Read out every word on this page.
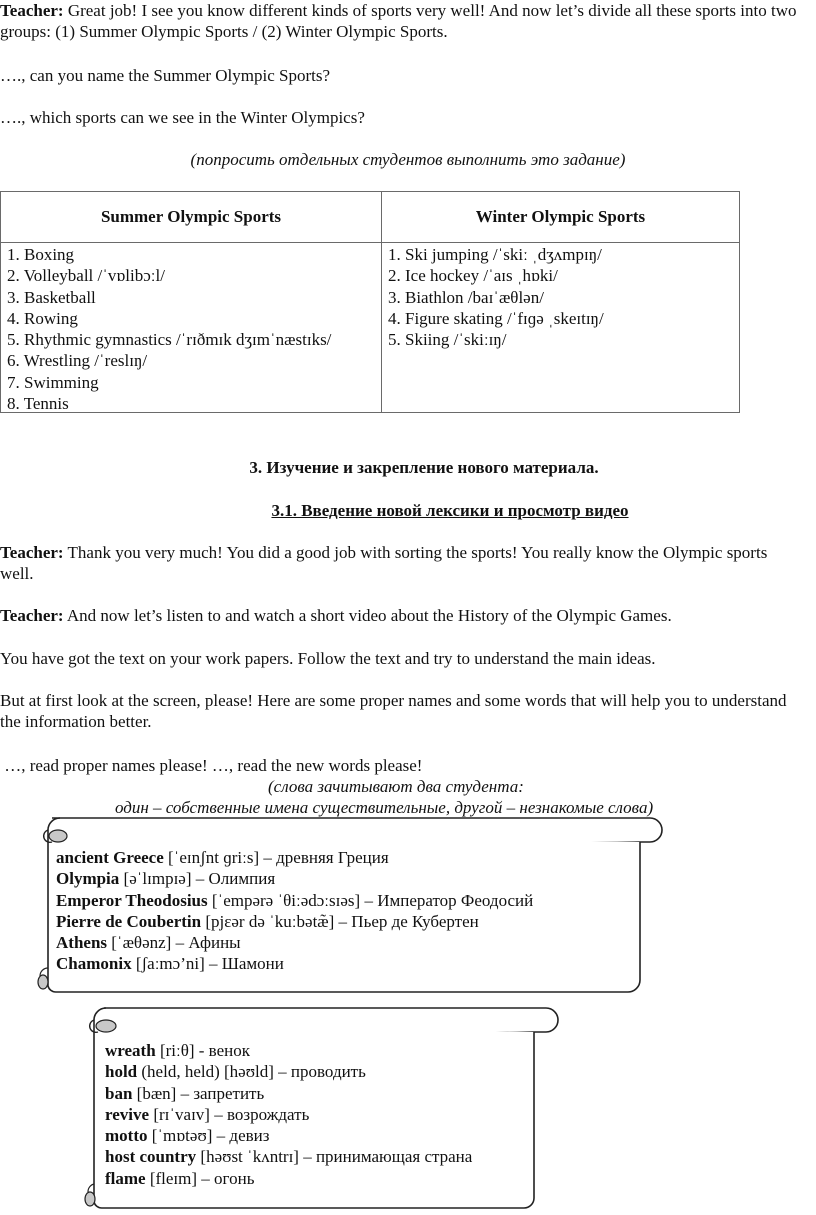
Teacher: Great job! I see you know different kinds of sports very well! And now let’s divide all these sports into two groups: (1) Summer Olympic Sports / (2) Winter Olympic Sports.
…., can you name the Summer Olympic Sports?
…., which sports can we see in the Winter Olympics?
(попросить отдельных студентов выполнить это задание)
Summer Olympic Sports	Winter Olympic Sports
1. Boxing
2. Volleyball /ˈvɒlibɔːl/
3. Basketball
4. Rowing
5. Rhythmic gymnastics /ˈrɪðmɪk dʒɪmˈnæstɪks/
6. Wrestling /ˈreslɪŋ/
7. Swimming
8. Tennis
1. Ski jumping /ˈskiː ˌdʒʌmpɪŋ/
2. Ice hockey /ˈaɪs ˌhɒki/
3. Biathlon /baɪˈæθlən/
4. Figure skating /ˈfɪɡə ˌskeɪtɪŋ/
5. Skiing /ˈskiːɪŋ/
3. Изучение и закрепление нового материала.
3.1. Введение новой лексики и просмотр видео
Teacher: Thank you very much! You did a good job with sorting the sports! You really know the Olympic sports well.
Teacher: And now let’s listen to and watch a short video about the History of the Olympic Games.
You have got the text on your work papers. Follow the text and try to understand the main ideas.
But at first look at the screen, please! Here are some proper names and some words that will help you to understand the information better.
…, read proper names please! …, read the new words please!
(слова зачитывают два студента:
один – собственные имена существительные, другой – незнакомые слова)
ancient Greece [ˈeɪnʃnt ɡriːs] – древняя Греция
Olympia [əˈlɪmpɪə] – Олимпия
Emperor Theodosius [ˈempərə ˈθiːədɔːsɪəs] – Император Феодосий
Pierre de Coubertin [pjɛər də ˈkuːbətæ̃] – Пьер де Кубертен
Athens [ˈæθənz] – Афины
Chamonix [ʃaːmɔ’ni] – Шамони
wreath [riːθ] - венок
hold (held, held) [həʊld] – проводить
ban [bæn] – запретить
revive [rɪˈvaɪv] – возрождать
motto [ˈmɒtəʊ] – девиз
host country [həʊst ˈkʌntrɪ] – принимающая страна
flame [fleɪm] – огонь
